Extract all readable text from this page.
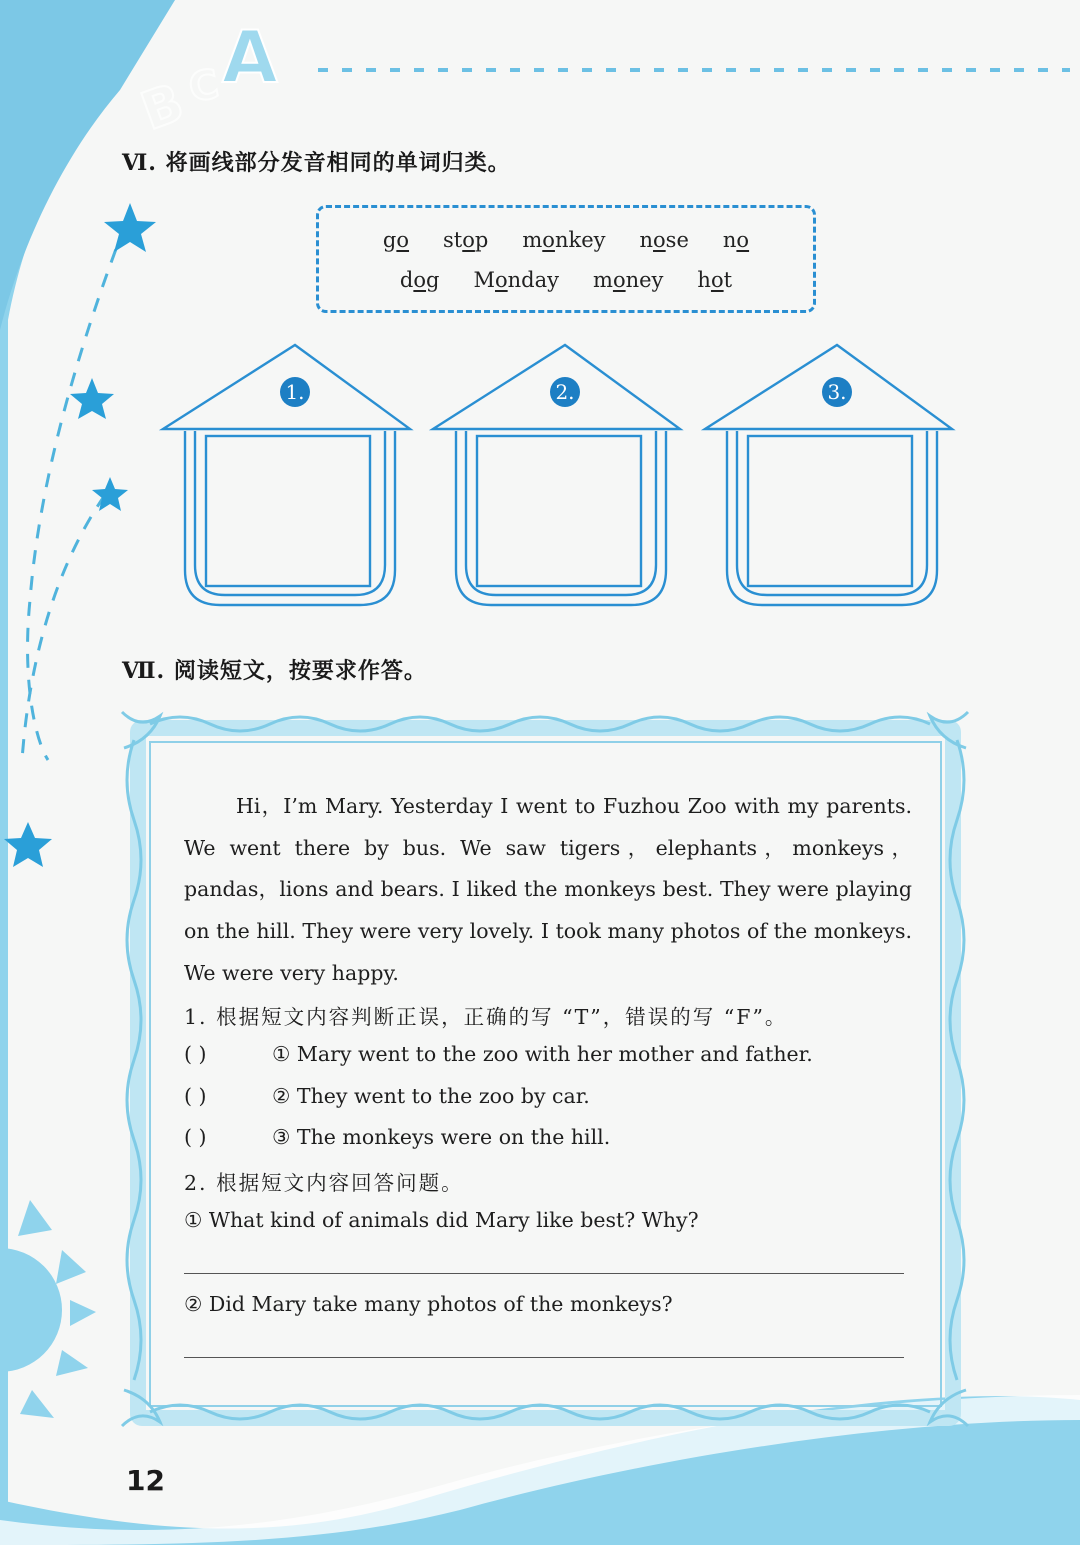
B
C A
Ⅵ. 将画线部分发音相同的单词归类。
go stop monkey nose no
dog Monday money hot
1.	2.	3.
Ⅶ. 阅读短文，按要求作答。

Hi，I’m Mary. Yesterday I went to Fuzhou Zoo with my parents. We went there by bus. We saw tigers，elephants，monkeys，pandas，lions and bears. I liked the monkeys best. They were playing on the hill. They were very lovely. I took many photos of the monkeys. We were very happy.

1. 根据短文内容判断正误，正确的写 “T”，错误的写 “F”。
( )	① Mary went to the zoo with her mother and father.
( )	② They went to the zoo by car.
( )	③ The monkeys were on the hill.
2. 根据短文内容回答问题。
① What kind of animals did Mary like best? Why?
② Did Mary take many photos of the monkeys?
12
